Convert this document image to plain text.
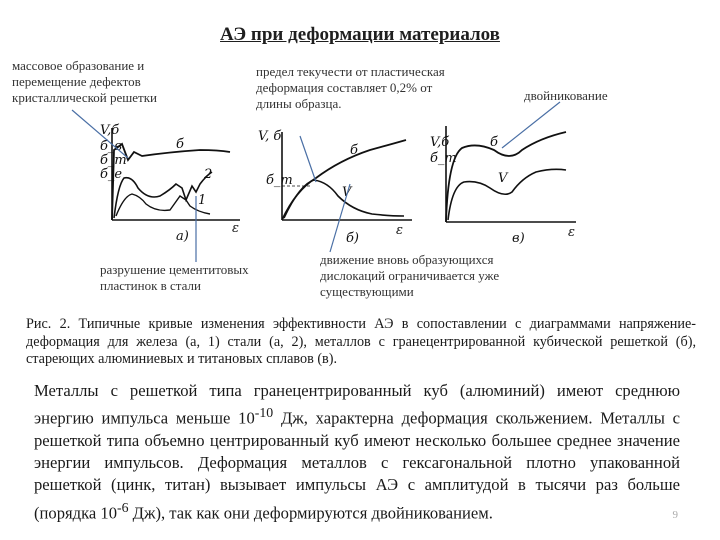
АЭ при деформации материалов
массовое образование и перемещение дефектов кристаллической решетки
предел текучести от пластическая деформация составляет 0,2% от длины образца.
двойникование
разрушение цементитовых пластинок в стали
движение вновь образующихся дислокаций ограничивается уже существующими
V,б
б_в
б_т
б_е
б
2
1
ε
а)
V, б
б_т
б
V
ε
б)
V,б
б_т
б
V
ε
в)
Рис. 2. Типичные кривые изменения эффективности АЭ в сопоставлении с диаграммами напряжение-деформация для железа (а, 1) стали (а, 2), металлов с гранецентрированной кубической решеткой (б), стареющих алюминиевых и титановых сплавов (в).
Металлы с решеткой типа гранецентрированный куб (алюминий) имеют среднюю энергию импульса меньше $10^{-10}$ Дж, характерна деформация скольжением. Металлы с решеткой типа объемно центрированный куб имеют несколько большее среднее значение энергии импульсов. Деформация металлов с гексагональной плотно упакованной решеткой (цинк, титан) вызывает импульсы АЭ с амплитудой в тысячи раз больше (порядка $10^{-6}$ Дж), так как они деформируются двойникованием.	9
